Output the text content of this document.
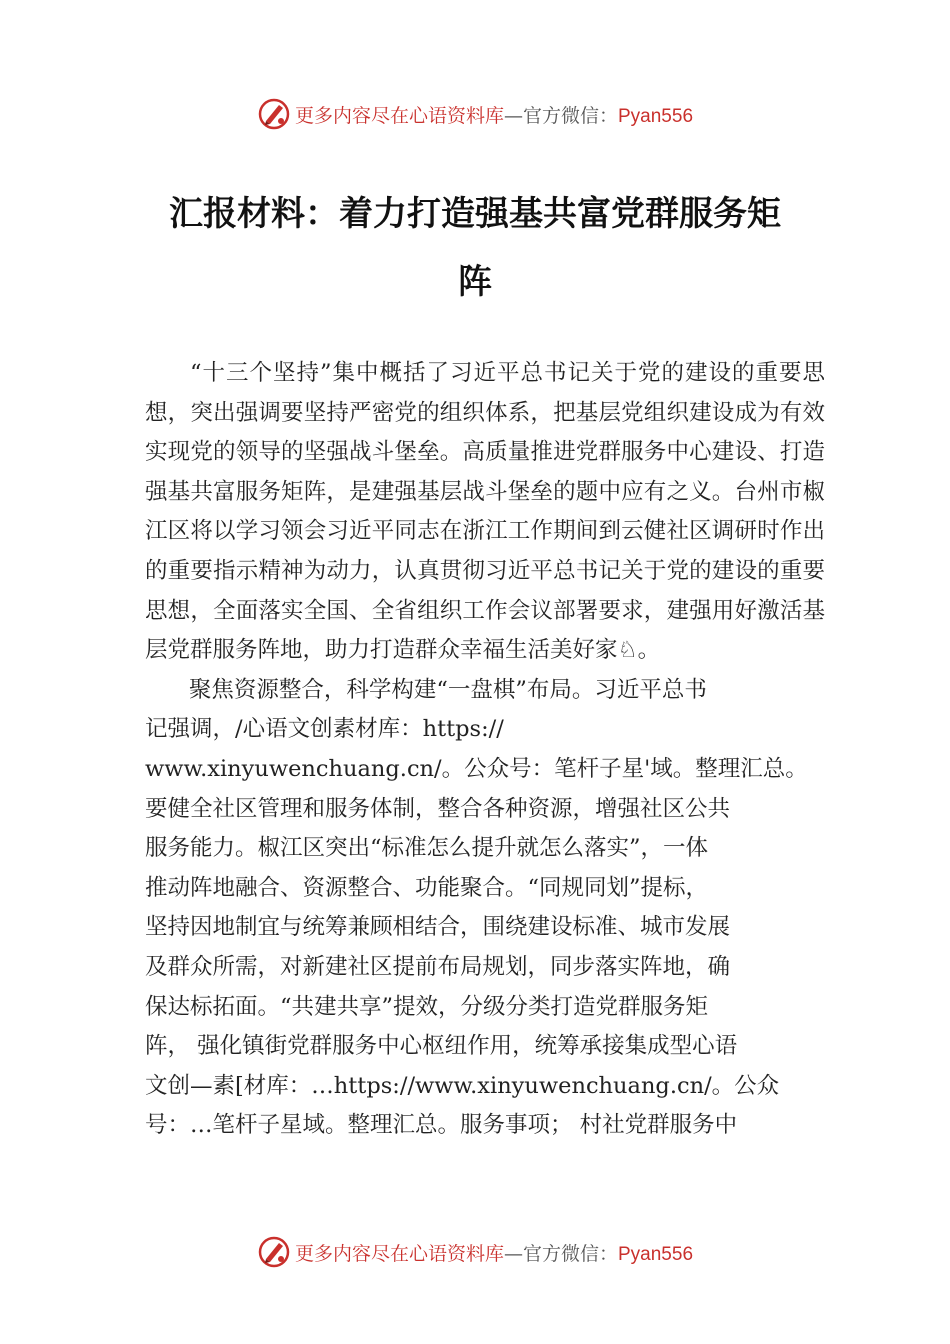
更多内容尽在心语资料库—官方微信：Pyan556
汇报材料：着力打造强基共富党群服务矩
阵

“十三个坚持”集中概括了习近平总书记关于党的建设的重要思想，突出强调要坚持严密党的组织体系，把基层党组织建设成为有效实现党的领导的坚强战斗堡垒。高质量推进党群服务中心建设、打造强基共富服务矩阵，是建强基层战斗堡垒的题中应有之义。台州市椒江区将以学习领会习近平同志在浙江工作期间到云健社区调研时作出的重要指示精神为动力，认真贯彻习近平总书记关于党的建设的重要思想，全面落实全国、全省组织工作会议部署要求，建强用好激活基层党群服务阵地，助力打造群众幸福生活美好家♘。

聚焦资源整合，科学构建“一盘棋”布局。习近平总书
记强调，/心语文创素材库：https://
www.xinyuwenchuang.cn/。公众号：笔杆子星'域。整理汇总。
要健全社区管理和服务体制，整合各种资源，增强社区公共
服务能力。椒江区突出“标准怎么提升就怎么落实”，一体
推动阵地融合、资源整合、功能聚合。“同规同划”提标，
坚持因地制宜与统筹兼顾相结合，围绕建设标准、城市发展
及群众所需，对新建社区提前布局规划，同步落实阵地，确
保达标拓面。“共建共享”提效，分级分类打造党群服务矩
阵， 强化镇街党群服务中心枢纽作用，统筹承接集成型心语
文创—素[材库：…https://www.xinyuwenchuang.cn/。公众
号：…笔杆子星域。整理汇总。服务事项； 村社党群服务中
更多内容尽在心语资料库—官方微信：Pyan556
